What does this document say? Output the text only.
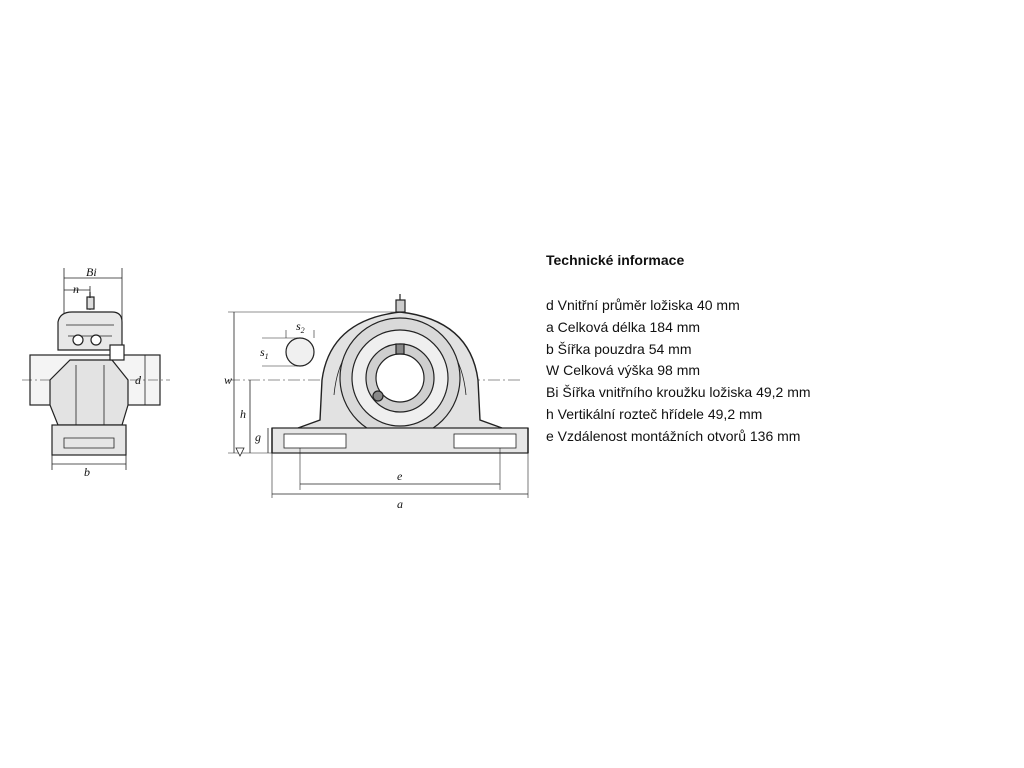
Bi
n
d
b
w
h
g
$s_2$
$s_1$
e
a
Technické informace
d Vnitřní průměr ložiska 40 mm
a Celková délka 184 mm
b Šířka pouzdra 54 mm
W Celková výška 98 mm
Bi Šířka vnitřního kroužku ložiska 49,2 mm
h Vertikální rozteč hřídele 49,2 mm
e Vzdálenost montážních otvorů 136 mm
